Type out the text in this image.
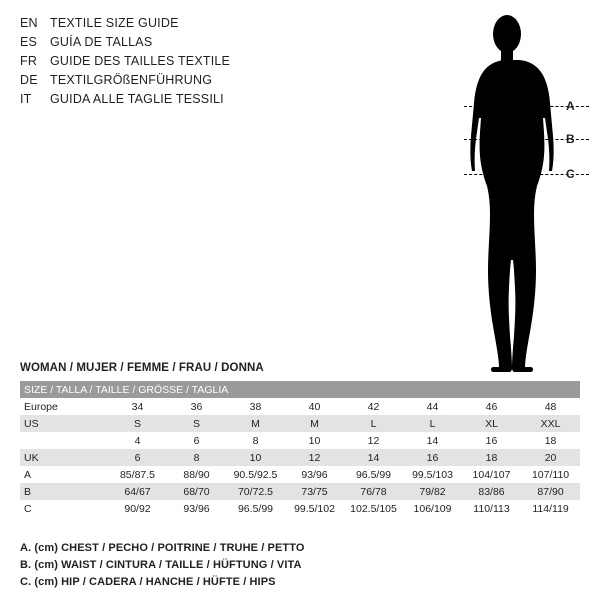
EN TEXTILE SIZE GUIDE
ES	GUÍA DE TALLAS
FR	GUIDE DES TAILLES TEXTILE
DE TEXTILGRÖßENFÜHRUNG
IT	GUIDA ALLE TAGLIE TESSILI	A
B
C
WOMAN / MUJER / FEMME / FRAU / DONNA
SIZE / TALLA / TAILLE / GRÖSSE / TAGLIA								
Europe	34	36	38	40	42	44	46	48
US	S	S	M	M	L	L	XL	XXL
	4	6	8	10	12	14	16	18
UK	6	8	10	12	14	16	18	20
A	85/87.5	88/90	90.5/92.5	93/96	96.5/99	99.5/103	104/107	107/110
B	64/67	68/70	70/72.5	73/75	76/78	79/82	83/86	87/90
C	90/92	93/96	96.5/99	99.5/102	102.5/105	106/109	110/113	114/119
A. (cm) CHEST / PECHO / POITRINE / TRUHE / PETTO
B. (cm) WAIST / CINTURA / TAILLE / HÜFTUNG / VITA
C. (cm) HIP / CADERA / HANCHE / HÜFTE / HIPS
